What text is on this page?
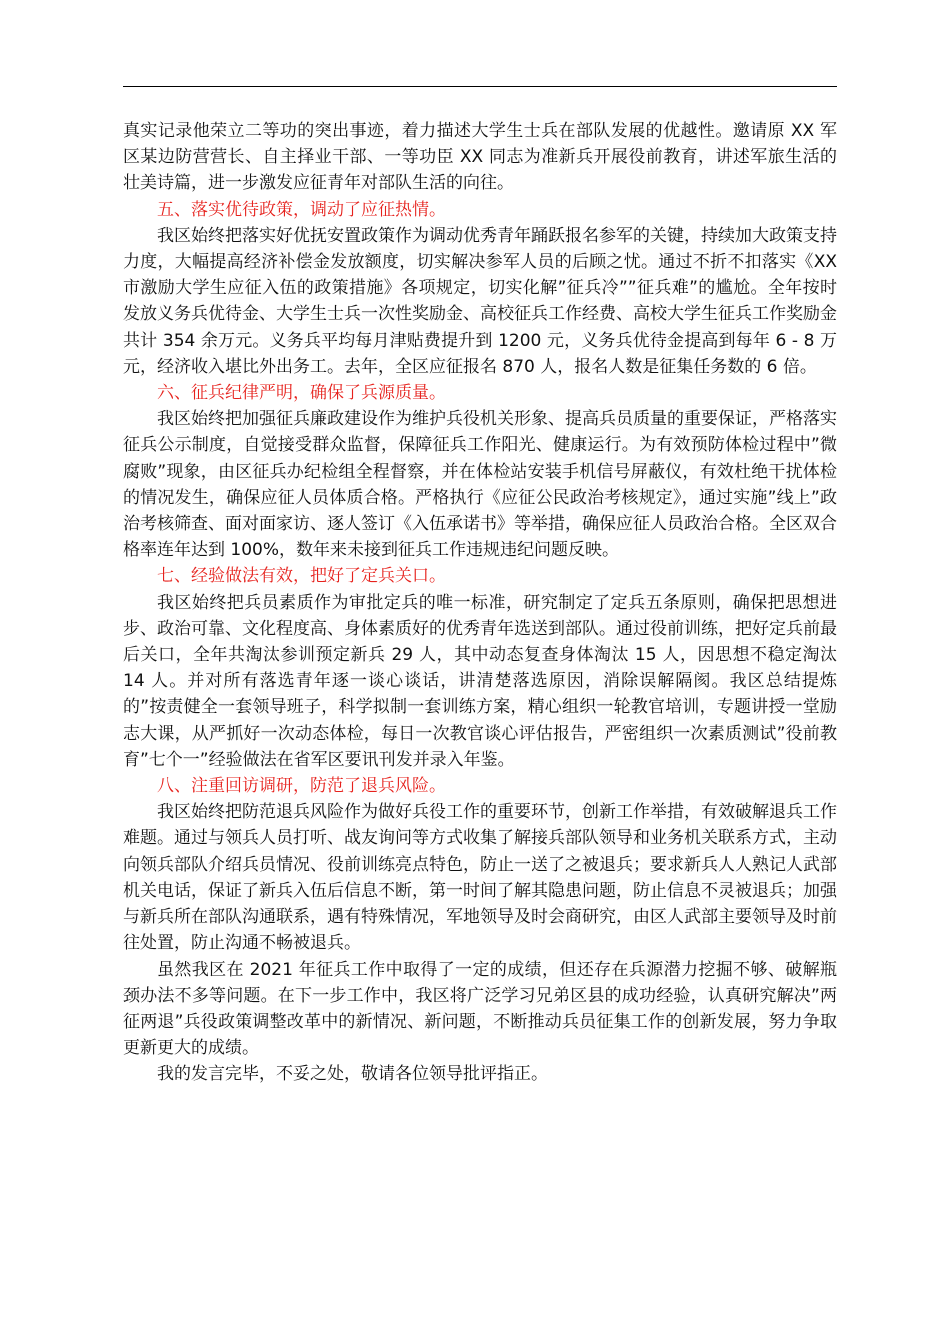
真实记录他荣立二等功的突出事迹，着力描述大学生士兵在部队发展的优越性。邀请原 XX 军区某边防营营长、自主择业干部、一等功臣 XX 同志为准新兵开展役前教育，讲述军旅生活的壮美诗篇，进一步激发应征青年对部队生活的向往。

五、落实优待政策，调动了应征热情。

我区始终把落实好优抚安置政策作为调动优秀青年踊跃报名参军的关键，持续加大政策支持力度，大幅提高经济补偿金发放额度，切实解决参军人员的后顾之忧。通过不折不扣落实《XX 市激励大学生应征入伍的政策措施》各项规定，切实化解”征兵冷””征兵难”的尴尬。全年按时发放义务兵优待金、大学生士兵一次性奖励金、高校征兵工作经费、高校大学生征兵工作奖励金共计 354 余万元。义务兵平均每月津贴费提升到 1200 元，义务兵优待金提高到每年 6 - 8 万元，经济收入堪比外出务工。去年，全区应征报名 870 人，报名人数是征集任务数的 6 倍。

六、征兵纪律严明，确保了兵源质量。

我区始终把加强征兵廉政建设作为维护兵役机关形象、提高兵员质量的重要保证，严格落实征兵公示制度，自觉接受群众监督，保障征兵工作阳光、健康运行。为有效预防体检过程中”微腐败”现象，由区征兵办纪检组全程督察，并在体检站安装手机信号屏蔽仪，有效杜绝干扰体检的情况发生，确保应征人员体质合格。严格执行《应征公民政治考核规定》，通过实施”线上”政治考核筛查、面对面家访、逐人签订《入伍承诺书》等举措，确保应征人员政治合格。全区双合格率连年达到 100%，数年来未接到征兵工作违规违纪问题反映。

七、经验做法有效，把好了定兵关口。

我区始终把兵员素质作为审批定兵的唯一标准，研究制定了定兵五条原则，确保把思想进步、政治可靠、文化程度高、身体素质好的优秀青年选送到部队。通过役前训练，把好定兵前最后关口，全年共淘汰参训预定新兵 29 人，其中动态复查身体淘汰 15 人，因思想不稳定淘汰 14 人。并对所有落选青年逐一谈心谈话，讲清楚落选原因，消除误解隔阂。我区总结提炼的”按责健全一套领导班子，科学拟制一套训练方案，精心组织一轮教官培训，专题讲授一堂励志大课，从严抓好一次动态体检，每日一次教官谈心评估报告，严密组织一次素质测试”役前教育”七个一”经验做法在省军区要讯刊发并录入年鉴。

八、注重回访调研，防范了退兵风险。

我区始终把防范退兵风险作为做好兵役工作的重要环节，创新工作举措，有效破解退兵工作难题。通过与领兵人员打听、战友询问等方式收集了解接兵部队领导和业务机关联系方式，主动向领兵部队介绍兵员情况、役前训练亮点特色，防止一送了之被退兵；要求新兵人人熟记人武部机关电话，保证了新兵入伍后信息不断，第一时间了解其隐患问题，防止信息不灵被退兵；加强与新兵所在部队沟通联系，遇有特殊情况，军地领导及时会商研究，由区人武部主要领导及时前往处置，防止沟通不畅被退兵。

虽然我区在 2021 年征兵工作中取得了一定的成绩，但还存在兵源潜力挖掘不够、破解瓶颈办法不多等问题。在下一步工作中，我区将广泛学习兄弟区县的成功经验，认真研究解决”两征两退”兵役政策调整改革中的新情况、新问题，不断推动兵员征集工作的创新发展，努力争取更新更大的成绩。

我的发言完毕，不妥之处，敬请各位领导批评指正。
